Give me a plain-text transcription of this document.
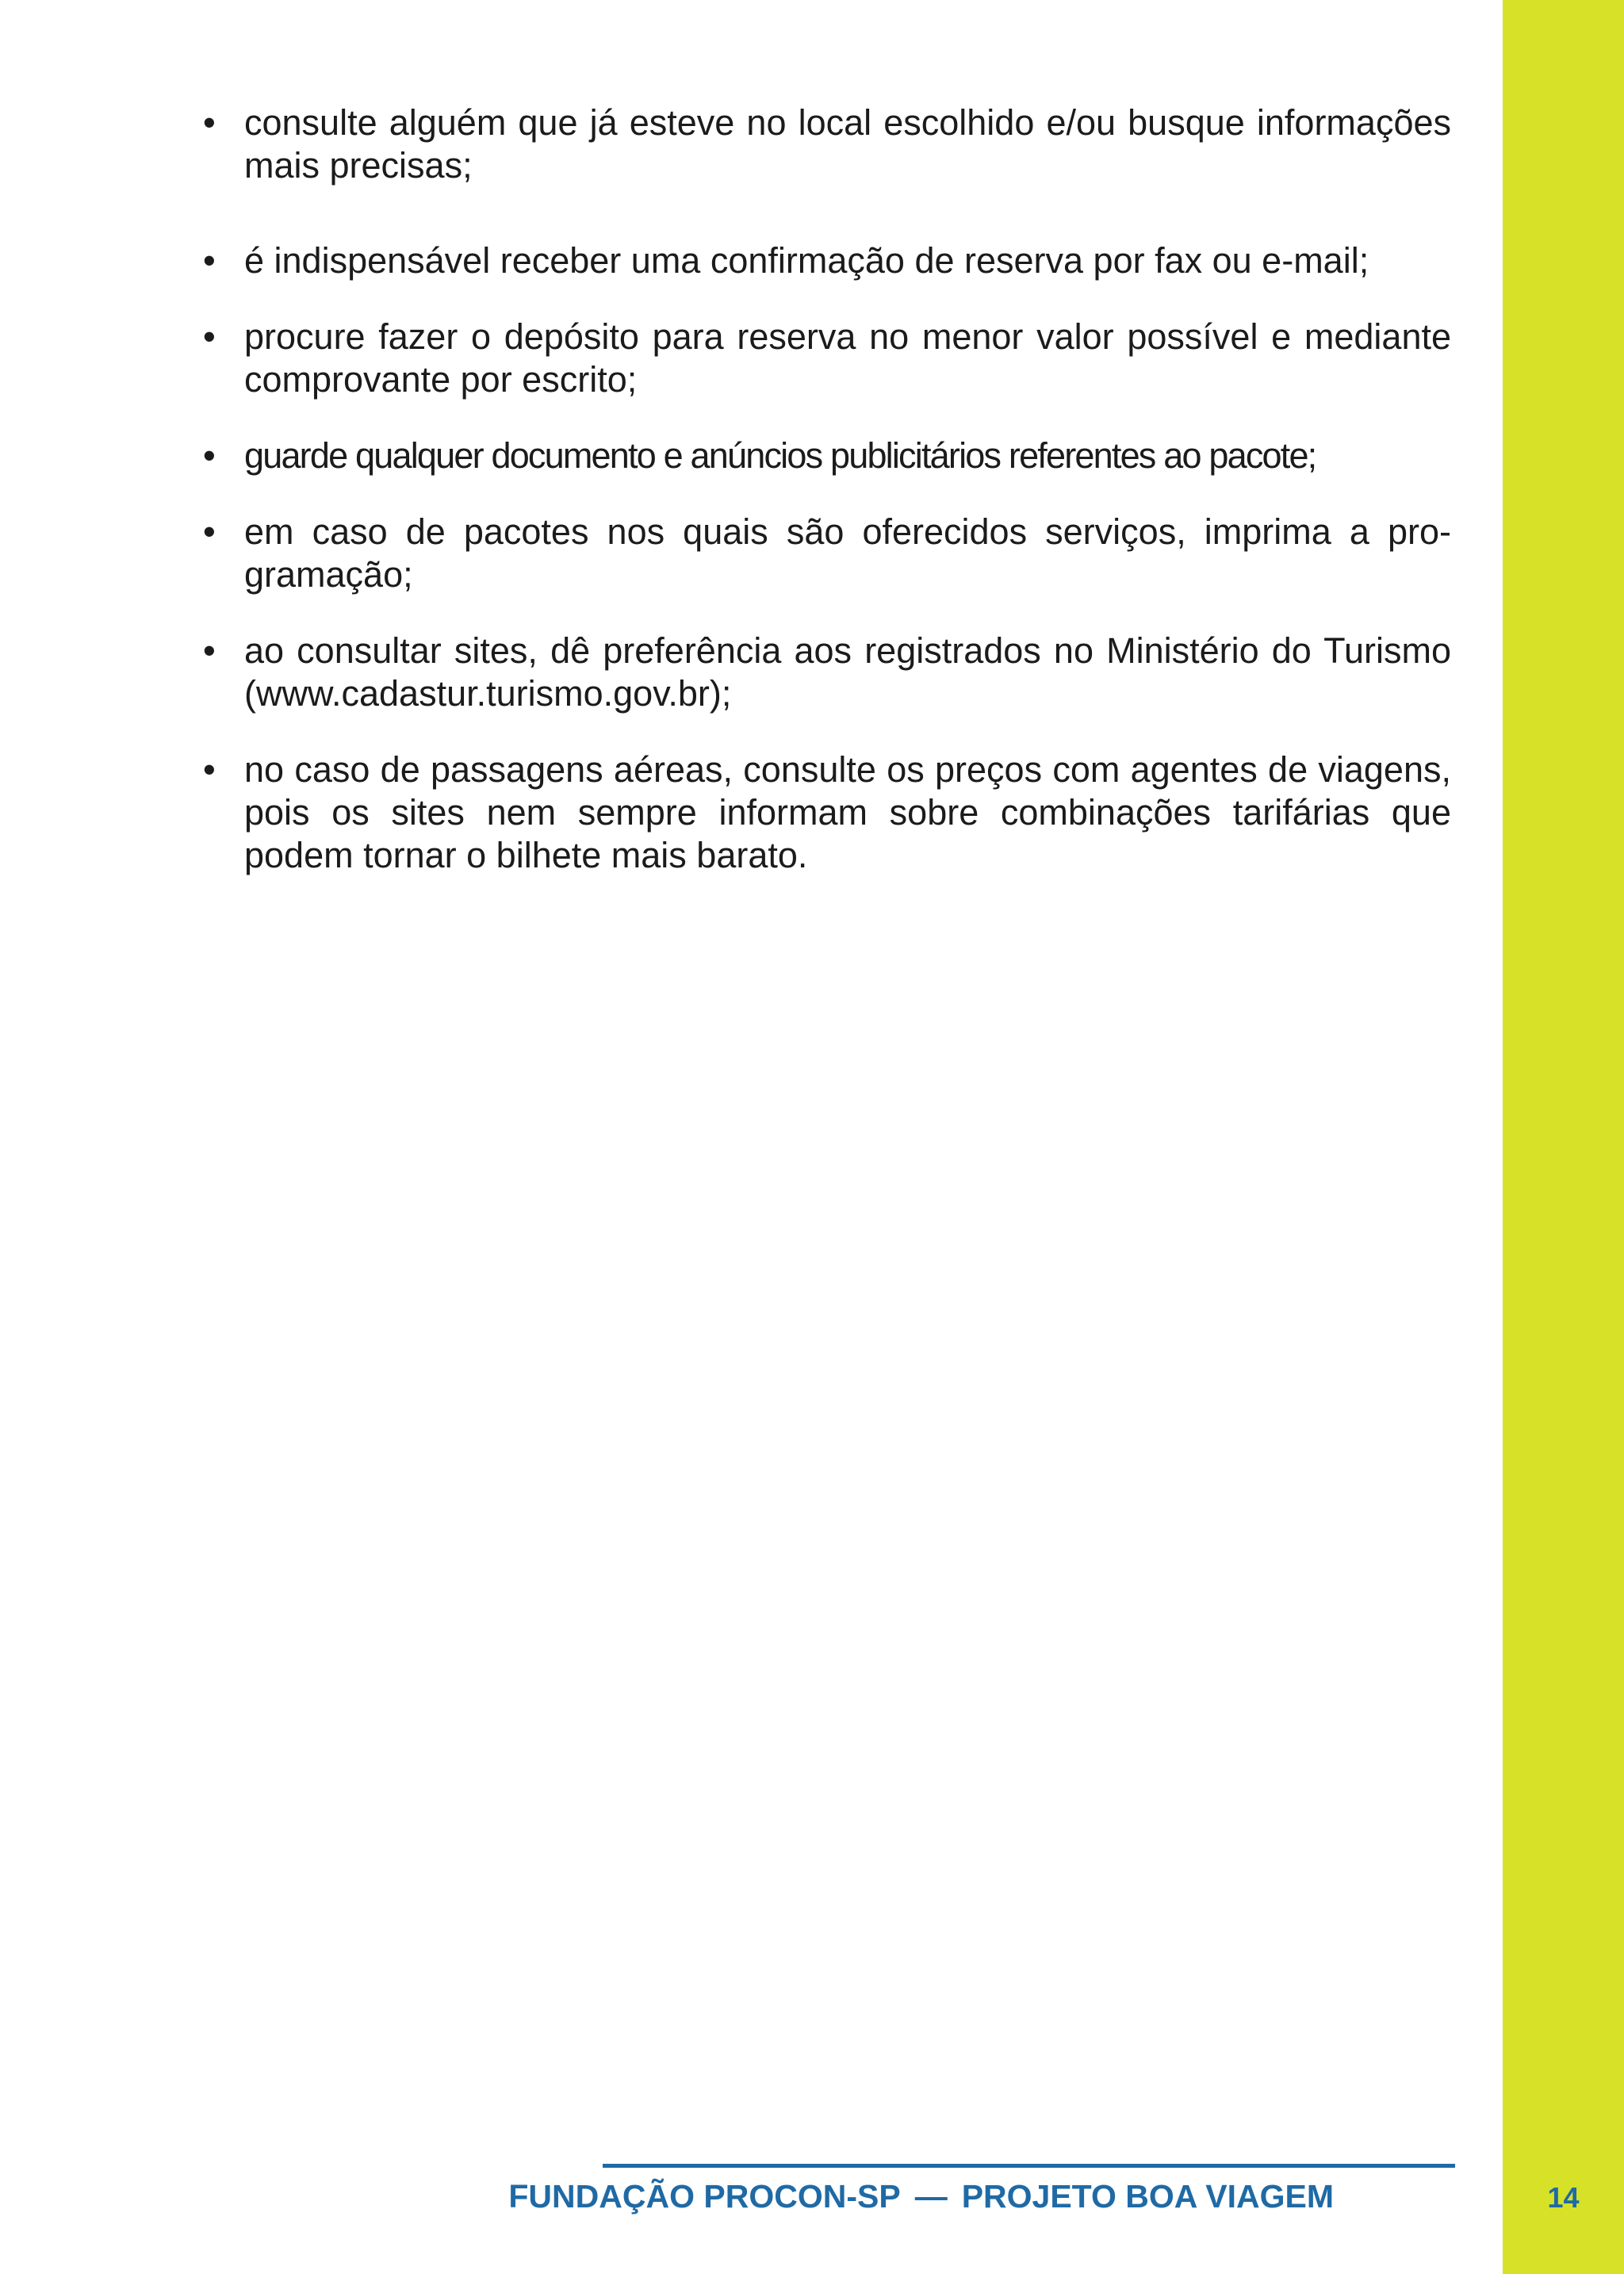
• consulte alguém que já esteve no local escolhido e/ou busque informações mais precisas;
• é indispensável receber uma confirmação de reserva por fax ou e-mail;
• procure fazer o depósito para reserva no menor valor possível e mediante comprovante por escrito;
• guarde qualquer documento e anúncios publicitários referentes ao pacote;
• em caso de pacotes nos quais são oferecidos serviços, imprima a programação;
• ao consultar sites, dê preferência aos registrados no Ministério do Turismo (www.cadastur.turismo.gov.br);
• no caso de passagens aéreas, consulte os preços com agentes de viagens, pois os sites nem sempre informam sobre combinações tarifárias que podem tornar o bilhete mais barato.
FUNDAÇÃO PROCON-SP — PROJETO BOA VIAGEM	14
